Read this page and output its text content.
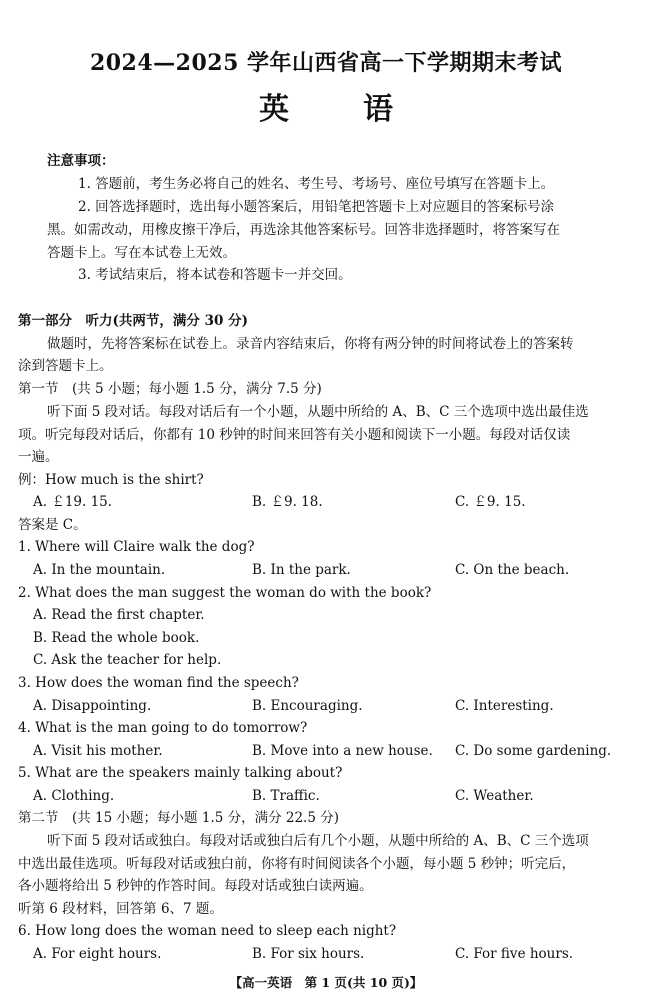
2024—2025 学年山西省高一下学期期末考试
英语
注意事项：
1. 答题前，考生务必将自己的姓名、考生号、考场号、座位号填写在答题卡上。
2. 回答选择题时，选出每小题答案后，用铅笔把答题卡上对应题目的答案标号涂
黑。如需改动，用橡皮擦干净后，再选涂其他答案标号。回答非选择题时，将答案写在
答题卡上。写在本试卷上无效。
3. 考试结束后，将本试卷和答题卡一并交回。
第一部分　听力(共两节，满分 30 分)
做题时，先将答案标在试卷上。录音内容结束后，你将有两分钟的时间将试卷上的答案转
涂到答题卡上。
第一节　(共 5 小题；每小题 1.5 分，满分 7.5 分)
听下面 5 段对话。每段对话后有一个小题，从题中所给的 A、B、C 三个选项中选出最佳选
项。听完每段对话后，你都有 10 秒钟的时间来回答有关小题和阅读下一小题。每段对话仅读
一遍。
例：How much is the shirt?
A. ￡19. 15.	B. ￡9. 18.	C. ￡9. 15.
答案是 C。
1. Where will Claire walk the dog?
A. In the mountain.	B. In the park.	C. On the beach.
2. What does the man suggest the woman do with the book?
A. Read the first chapter.
B. Read the whole book.
C. Ask the teacher for help.
3. How does the woman find the speech?
A. Disappointing.	B. Encouraging.	C. Interesting.
4. What is the man going to do tomorrow?
A. Visit his mother.	B. Move into a new house. C. Do some gardening.
5. What are the speakers mainly talking about?
A. Clothing.	B. Traffic.	C. Weather.
第二节　(共 15 小题；每小题 1.5 分，满分 22.5 分)
听下面 5 段对话或独白。每段对话或独白后有几个小题，从题中所给的 A、B、C 三个选项
中选出最佳选项。听每段对话或独白前，你将有时间阅读各个小题，每小题 5 秒钟；听完后，
各小题将给出 5 秒钟的作答时间。每段对话或独白读两遍。
听第 6 段材料，回答第 6、7 题。
6. How long does the woman need to sleep each night?
A. For eight hours.	B. For six hours.	C. For five hours.
【高一英语　第 1 页(共 10 页)】
